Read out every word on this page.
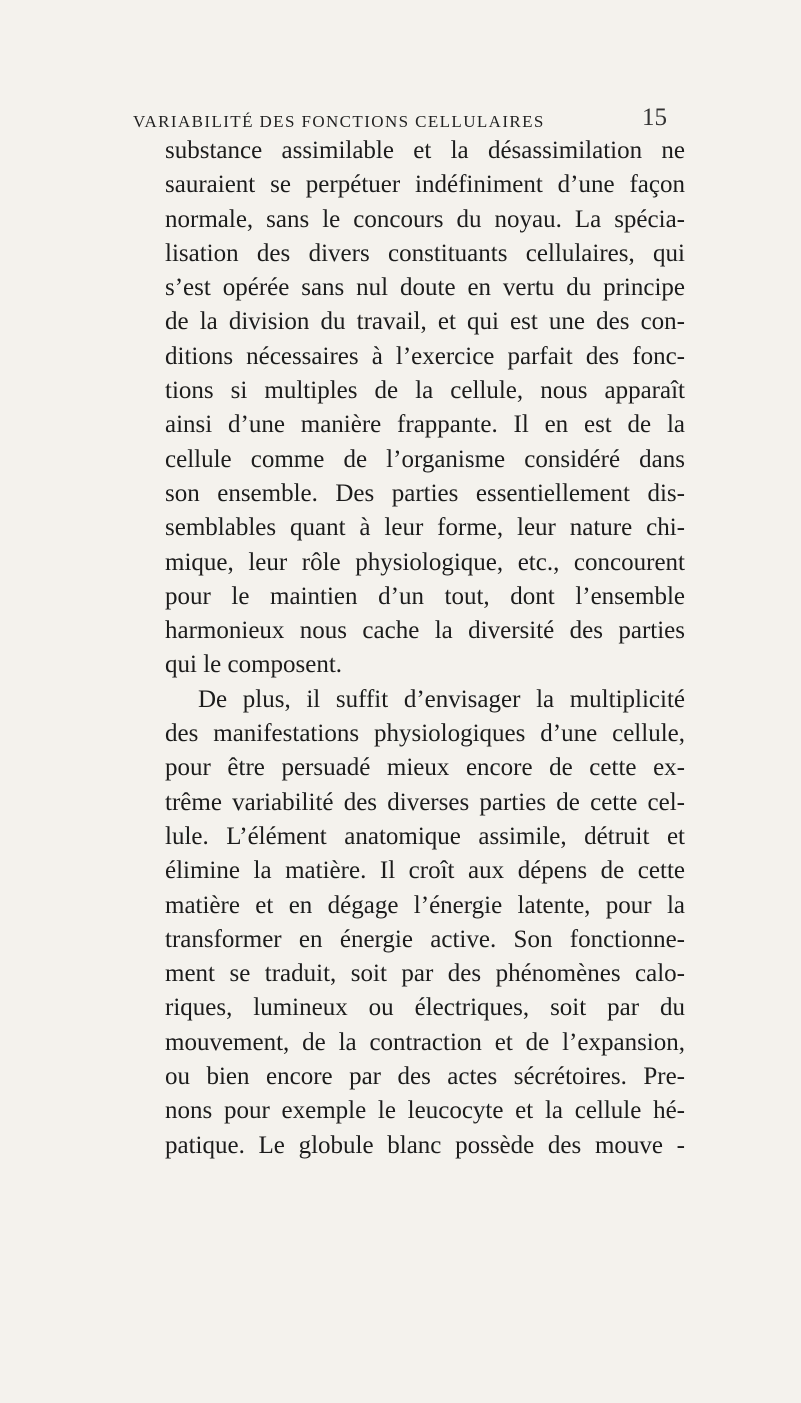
VARIABILITÉ DES FONCTIONS CELLULAIRES	15
substance assimilable et la désassimilation ne
sauraient se perpétuer indéfiniment d’une façon
normale, sans le concours du noyau. La spécia-
lisation des divers constituants cellulaires, qui
s’est opérée sans nul doute en vertu du principe
de la division du travail, et qui est une des con-
ditions nécessaires à l’exercice parfait des fonc-
tions si multiples de la cellule, nous apparaît
ainsi d’une manière frappante. Il en est de la
cellule comme de l’organisme considéré dans
son ensemble. Des parties essentiellement dis-
semblables quant à leur forme, leur nature chi-
mique, leur rôle physiologique, etc., concourent
pour le maintien d’un tout, dont l’ensemble
harmonieux nous cache la diversité des parties
qui le composent.
De plus, il suffit d’envisager la multiplicité
des manifestations physiologiques d’une cellule,
pour être persuadé mieux encore de cette ex-
trême variabilité des diverses parties de cette cel-
lule. L’élément anatomique assimile, détruit et
élimine la matière. Il croît aux dépens de cette
matière et en dégage l’énergie latente, pour la
transformer en énergie active. Son fonctionne-
ment se traduit, soit par des phénomènes calo-
riques, lumineux ou électriques, soit par du
mouvement, de la contraction et de l’expansion,
ou bien encore par des actes sécrétoires. Pre-
nons pour exemple le leucocyte et la cellule hé-
patique. Le globule blanc possède des mouve -
